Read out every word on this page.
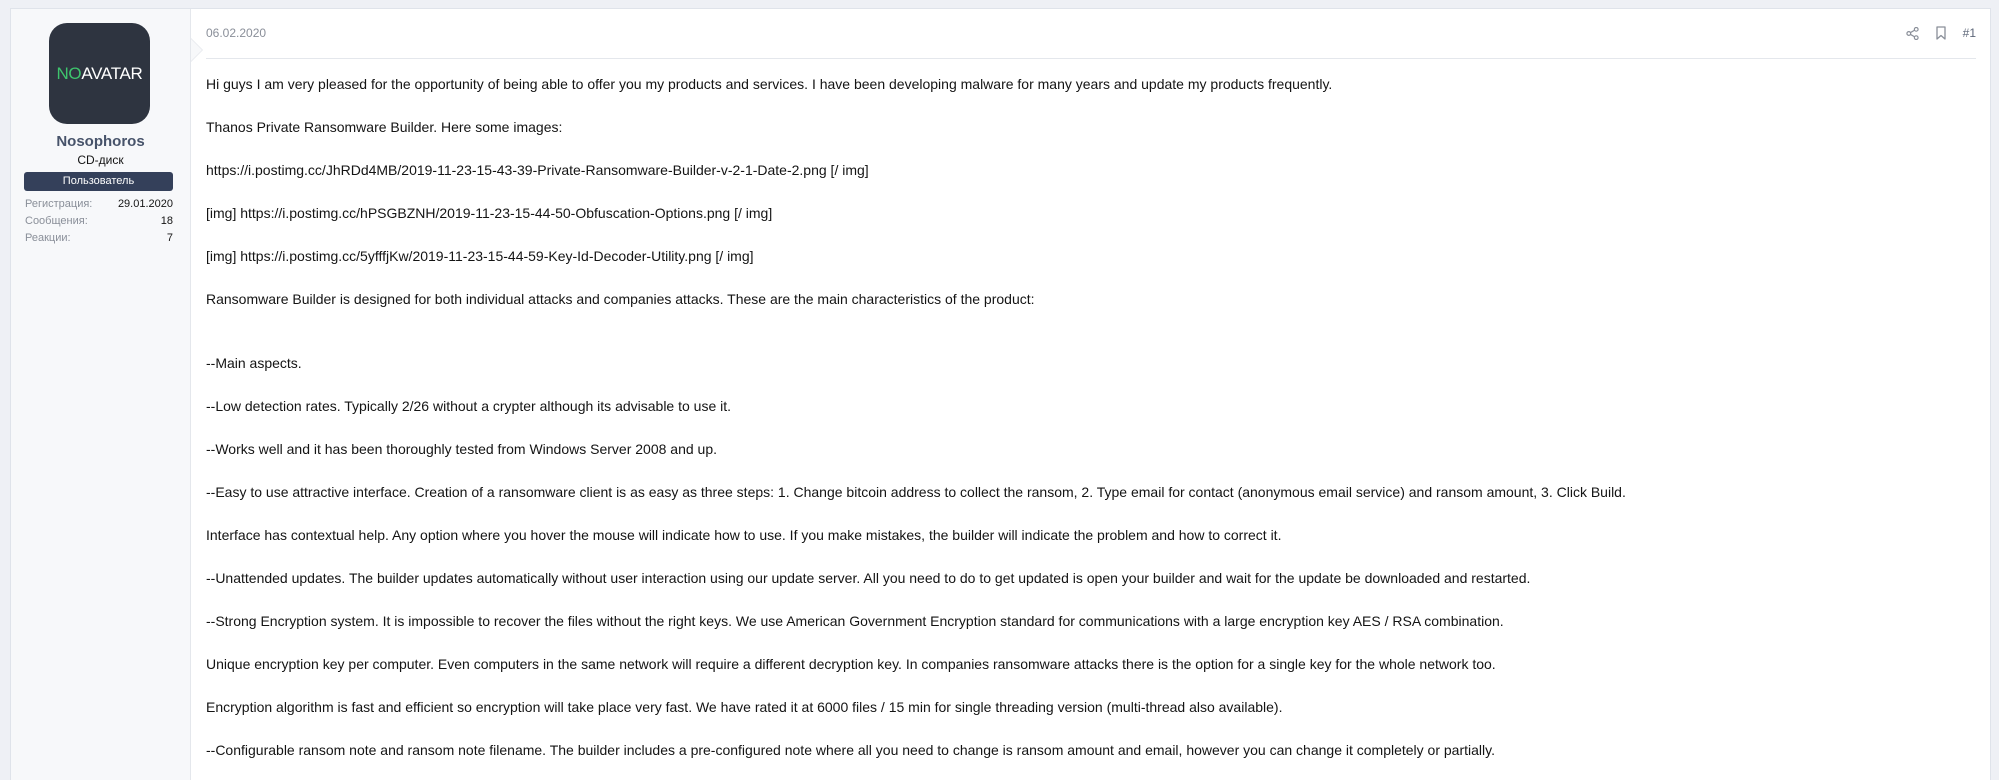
NO AVATAR
Nosophoros
CD-диск
Пользователь
Регистрация: 29.01.2020
Сообщения:	18
Реакции:	7
06.02.2020	#1
Hi guys I am very pleased for the opportunity of being able to offer you my products and services. I have been developing malware for many years and update my products frequently.
Thanos Private Ransomware Builder. Here some images:
https://i.postimg.cc/JhRDd4MB/2019-11-23-15-43-39-Private-Ransomware-Builder-v-2-1-Date-2.png [/ img]
[img] https://i.postimg.cc/hPSGBZNH/2019-11-23-15-44-50-Obfuscation-Options.png [/ img]
[img] https://i.postimg.cc/5yfffjKw/2019-11-23-15-44-59-Key-Id-Decoder-Utility.png [/ img]
Ransomware Builder is designed for both individual attacks and companies attacks. These are the main characteristics of the product:
--Main aspects.
--Low detection rates. Typically 2/26 without a crypter although its advisable to use it.
--Works well and it has been thoroughly tested from Windows Server 2008 and up.
--Easy to use attractive interface. Creation of a ransomware client is as easy as three steps: 1. Change bitcoin address to collect the ransom, 2. Type email for contact (anonymous email service) and ransom amount, 3. Click Build.
Interface has contextual help. Any option where you hover the mouse will indicate how to use. If you make mistakes, the builder will indicate the problem and how to correct it.
--Unattended updates. The builder updates automatically without user interaction using our update server. All you need to do to get updated is open your builder and wait for the update be downloaded and restarted.
--Strong Encryption system. It is impossible to recover the files without the right keys. We use American Government Encryption standard for communications with a large encryption key AES / RSA combination.
Unique encryption key per computer. Even computers in the same network will require a different decryption key. In companies ransomware attacks there is the option for a single key for the whole network too.
Encryption algorithm is fast and efficient so encryption will take place very fast. We have rated it at 6000 files / 15 min for single threading version (multi-thread also available).
--Configurable ransom note and ransom note filename. The builder includes a pre-configured note where all you need to change is ransom amount and email, however you can change it completely or partially.
